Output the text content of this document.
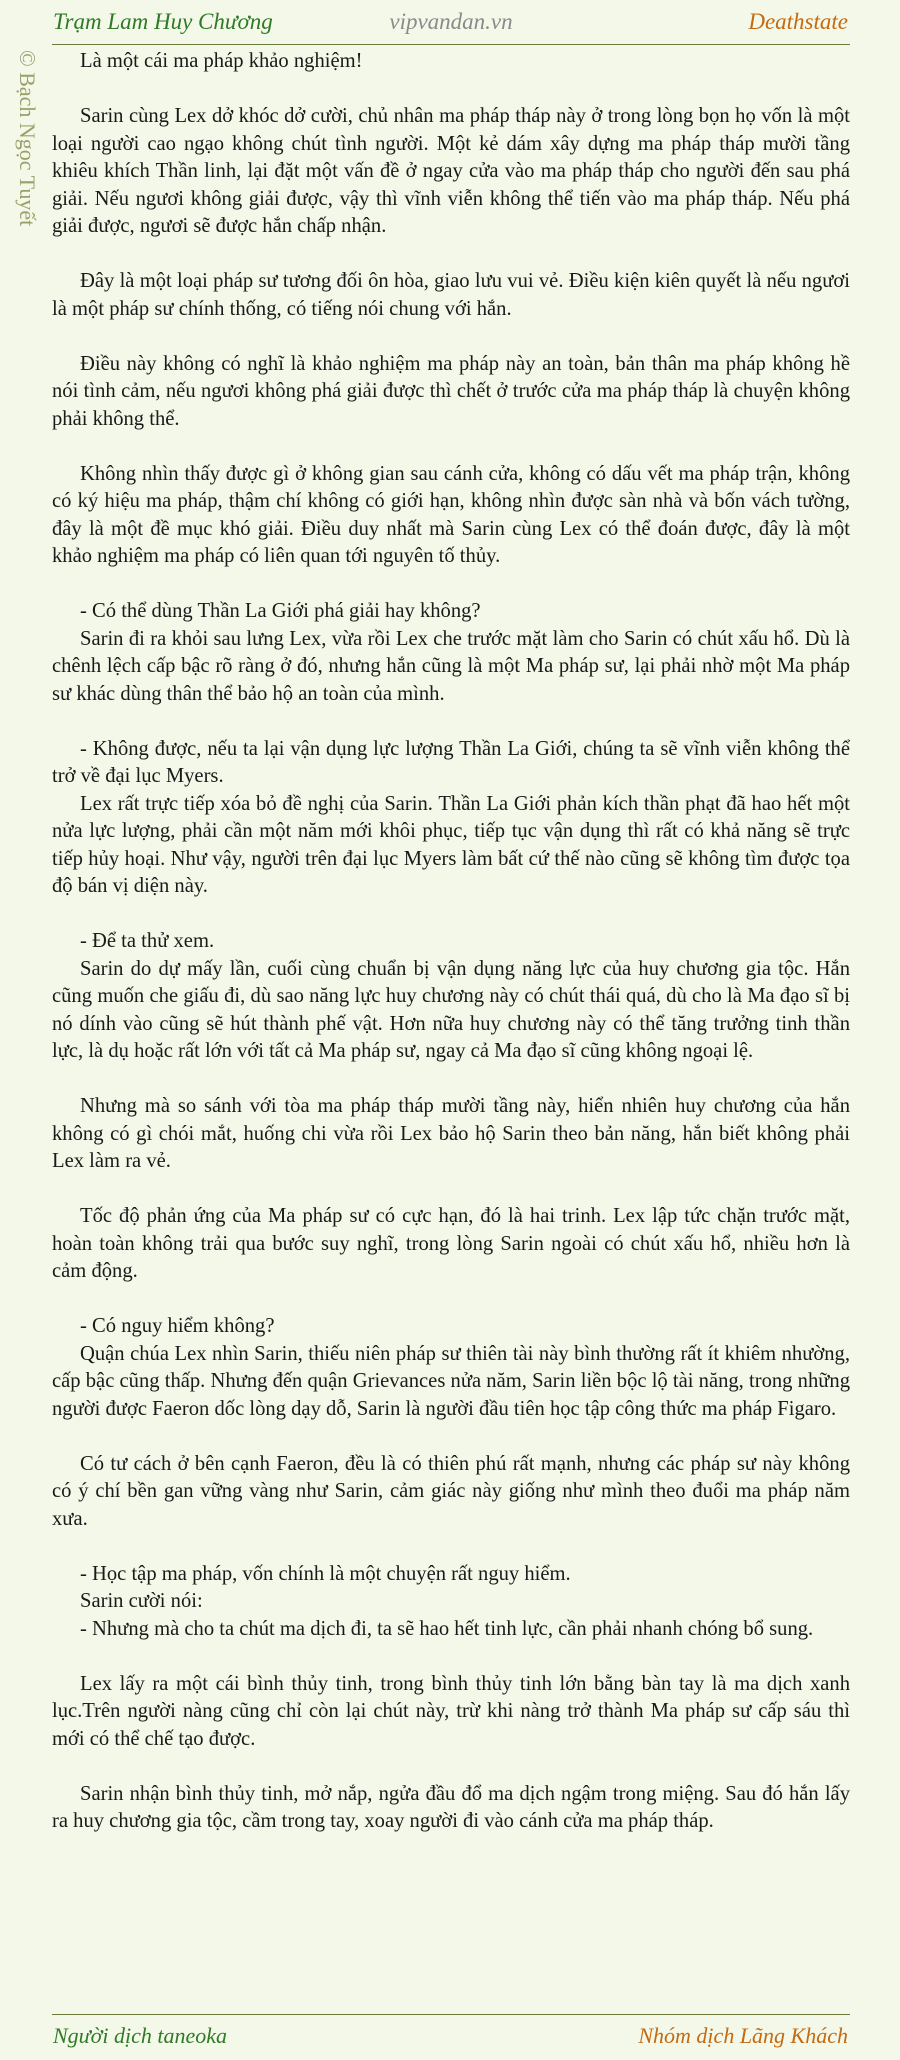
Trạm Lam Huy Chương	vipvandan.vn	Deathstate
© Bạch Ngọc Tuyết	Là một cái ma pháp khảo nghiệm!

Sarin cùng Lex dở khóc dở cười, chủ nhân ma pháp tháp này ở trong lòng bọn họ vốn là một loại người cao ngạo không chút tình người. Một kẻ dám xây dựng ma pháp tháp mười tầng khiêu khích Thần linh, lại đặt một vấn đề ở ngay cửa vào ma pháp tháp cho người đến sau phá giải. Nếu ngươi không giải được, vậy thì vĩnh viễn không thể tiến vào ma pháp tháp. Nếu phá giải được, ngươi sẽ được hắn chấp nhận.

Đây là một loại pháp sư tương đối ôn hòa, giao lưu vui vẻ. Điều kiện kiên quyết là nếu ngươi là một pháp sư chính thống, có tiếng nói chung với hắn.

Điều này không có nghĩ là khảo nghiệm ma pháp này an toàn, bản thân ma pháp không hề nói tình cảm, nếu ngươi không phá giải được thì chết ở trước cửa ma pháp tháp là chuyện không phải không thể.

Không nhìn thấy được gì ở không gian sau cánh cửa, không có dấu vết ma pháp trận, không có ký hiệu ma pháp, thậm chí không có giới hạn, không nhìn được sàn nhà và bốn vách tường, đây là một đề mục khó giải. Điều duy nhất mà Sarin cùng Lex có thể đoán được, đây là một khảo nghiệm ma pháp có liên quan tới nguyên tố thủy.

- Có thể dùng Thần La Giới phá giải hay không?

Sarin đi ra khỏi sau lưng Lex, vừa rồi Lex che trước mặt làm cho Sarin có chút xấu hổ. Dù là chênh lệch cấp bậc rõ ràng ở đó, nhưng hắn cũng là một Ma pháp sư, lại phải nhờ một Ma pháp sư khác dùng thân thể bảo hộ an toàn của mình.

- Không được, nếu ta lại vận dụng lực lượng Thần La Giới, chúng ta sẽ vĩnh viễn không thể trở về đại lục Myers.

Lex rất trực tiếp xóa bỏ đề nghị của Sarin. Thần La Giới phản kích thần phạt đã hao hết một nửa lực lượng, phải cần một năm mới khôi phục, tiếp tục vận dụng thì rất có khả năng sẽ trực tiếp hủy hoại. Như vậy, người trên đại lục Myers làm bất cứ thế nào cũng sẽ không tìm được tọa độ bán vị diện này.

- Để ta thử xem.

Sarin do dự mấy lần, cuối cùng chuẩn bị vận dụng năng lực của huy chương gia tộc. Hắn cũng muốn che giấu đi, dù sao năng lực huy chương này có chút thái quá, dù cho là Ma đạo sĩ bị nó dính vào cũng sẽ hút thành phế vật. Hơn nữa huy chương này có thể tăng trưởng tinh thần lực, là dụ hoặc rất lớn với tất cả Ma pháp sư, ngay cả Ma đạo sĩ cũng không ngoại lệ.

Nhưng mà so sánh với tòa ma pháp tháp mười tầng này, hiển nhiên huy chương của hắn không có gì chói mắt, huống chi vừa rồi Lex bảo hộ Sarin theo bản năng, hắn biết không phải Lex làm ra vẻ.

Tốc độ phản ứng của Ma pháp sư có cực hạn, đó là hai trinh. Lex lập tức chặn trước mặt, hoàn toàn không trải qua bước suy nghĩ, trong lòng Sarin ngoài có chút xấu hổ, nhiều hơn là cảm động.

- Có nguy hiểm không?

Quận chúa Lex nhìn Sarin, thiếu niên pháp sư thiên tài này bình thường rất ít khiêm nhường, cấp bậc cũng thấp. Nhưng đến quận Grievances nửa năm, Sarin liền bộc lộ tài năng, trong những người được Faeron dốc lòng dạy dỗ, Sarin là người đầu tiên học tập công thức ma pháp Figaro.

Có tư cách ở bên cạnh Faeron, đều là có thiên phú rất mạnh, nhưng các pháp sư này không có ý chí bền gan vững vàng như Sarin, cảm giác này giống như mình theo đuổi ma pháp năm xưa.

- Học tập ma pháp, vốn chính là một chuyện rất nguy hiểm.

Sarin cười nói:

- Nhưng mà cho ta chút ma dịch đi, ta sẽ hao hết tinh lực, cần phải nhanh chóng bổ sung.

Lex lấy ra một cái bình thủy tinh, trong bình thủy tinh lớn bằng bàn tay là ma dịch xanh lục.Trên người nàng cũng chỉ còn lại chút này, trừ khi nàng trở thành Ma pháp sư cấp sáu thì mới có thể chế tạo được.

Sarin nhận bình thủy tinh, mở nắp, ngửa đầu đổ ma dịch ngậm trong miệng. Sau đó hắn lấy ra huy chương gia tộc, cầm trong tay, xoay người đi vào cánh cửa ma pháp tháp.

Người dịch taneoka	Nhóm dịch Lãng Khách
